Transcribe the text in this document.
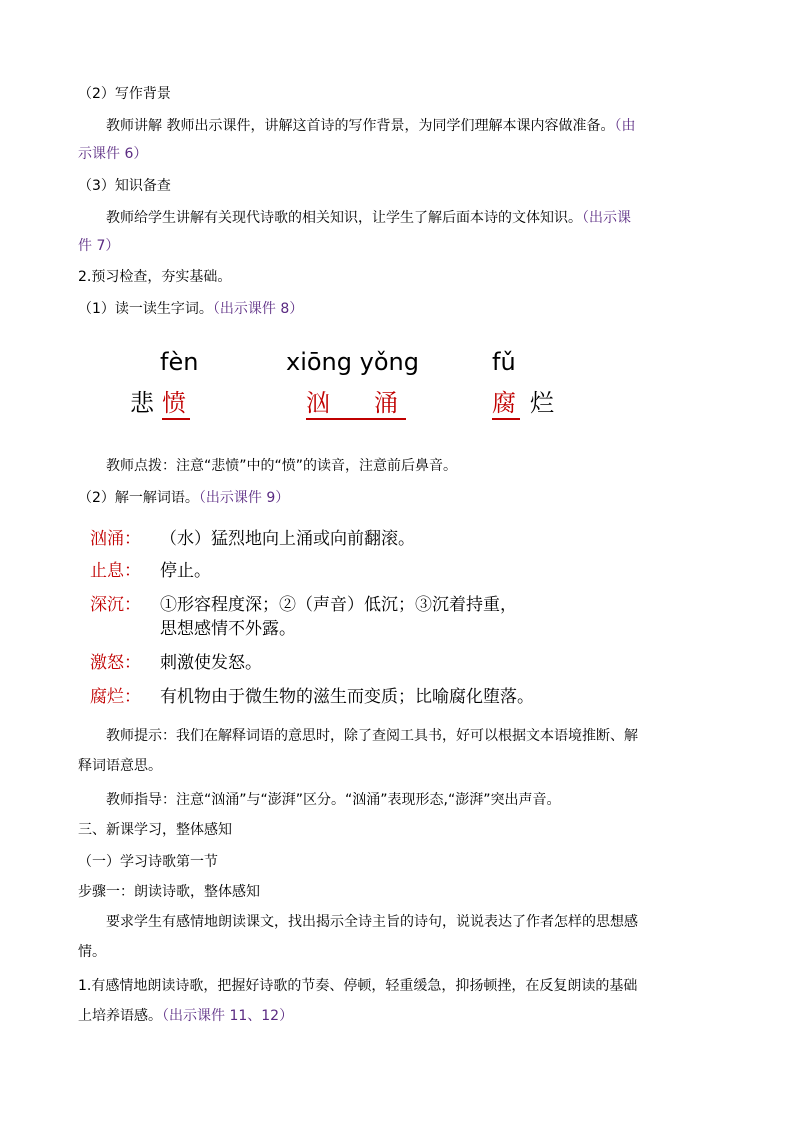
（2）写作背景
教师讲解 教师出示课件，讲解这首诗的写作背景，为同学们理解本课内容做准备。（由
示课件 6）
（3）知识备查
教师给学生讲解有关现代诗歌的相关知识，让学生了解后面本诗的文体知识。（出示课
件 7）
2.预习检查，夯实基础。
（1）读一读生字词。（出示课件 8）
fèn	xiōng yǒng	fǔ
悲 愤	汹 涌	腐 烂
教师点拨：注意“悲愤”中的“愤”的读音，注意前后鼻音。
（2）解一解词语。（出示课件 9）
汹涌： （水）猛烈地向上涌或向前翻滚。
止息： 停止。
深沉： ①形容程度深；②（声音）低沉；③沉着持重，
思想感情不外露。
激怒： 刺激使发怒。
腐烂： 有机物由于微生物的滋生而变质；比喻腐化堕落。
教师提示：我们在解释词语的意思时，除了查阅工具书，好可以根据文本语境推断、解
释词语意思。
教师指导：注意“汹涌”与“澎湃”区分。“汹涌”表现形态,“澎湃”突出声音。
三、新课学习，整体感知
（一）学习诗歌第一节
步骤一：朗读诗歌，整体感知
要求学生有感情地朗读课文，找出揭示全诗主旨的诗句，说说表达了作者怎样的思想感
情。
1.有感情地朗读诗歌，把握好诗歌的节奏、停顿，轻重缓急，抑扬顿挫，在反复朗读的基础
上培养语感。（出示课件 11、12）
